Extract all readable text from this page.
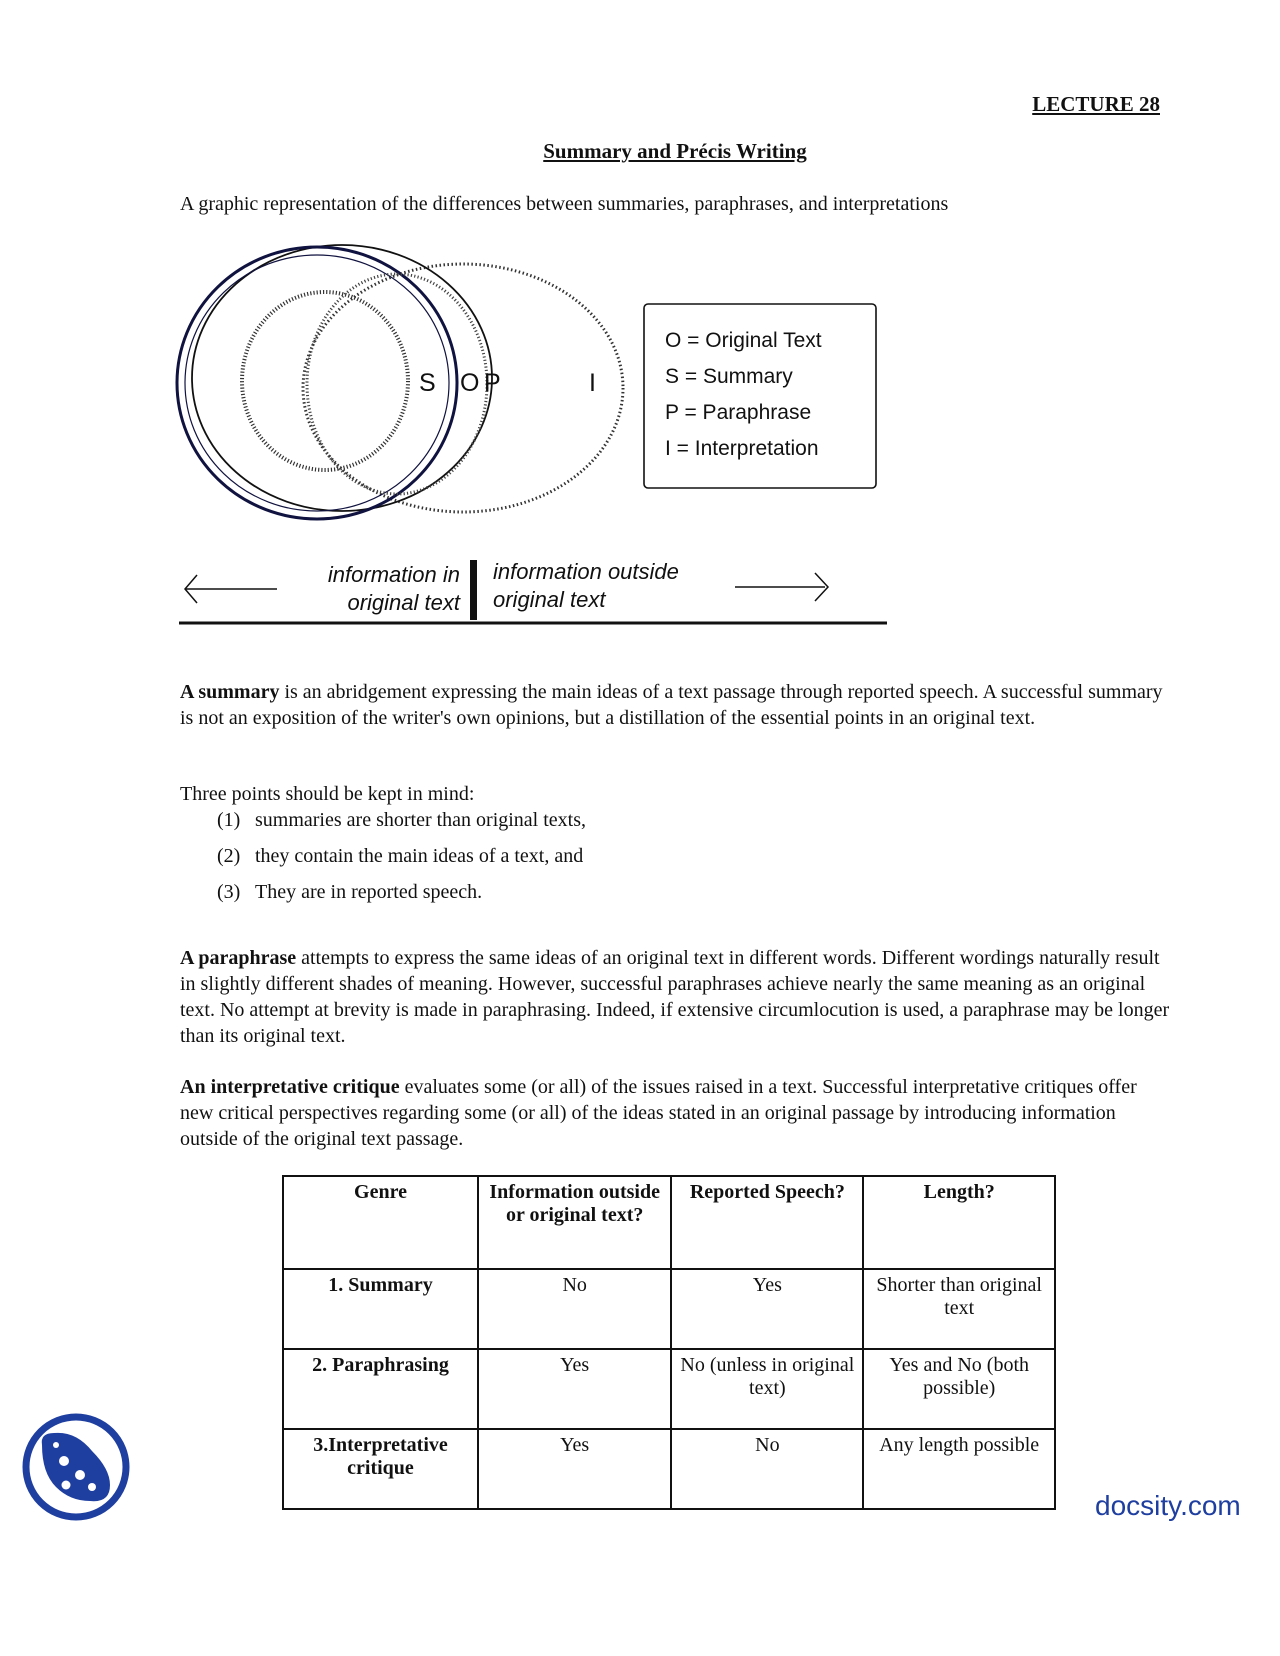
LECTURE 28
Summary and Précis Writing
A graphic representation of the differences between summaries, paraphrases, and interpretations
S O P	I
O = Original Text
S = Summary
P = Paraphrase
I = Interpretation
information in
original text
information outside
original text

A summary is an abridgement expressing the main ideas of a text passage through reported speech. A successful summary is not an exposition of the writer's own opinions, but a distillation of the essential points in an original text.

Three points should be kept in mind:
(1) summaries are shorter than original texts,
(2) they contain the main ideas of a text, and
(3) They are in reported speech.

A paraphrase attempts to express the same ideas of an original text in different words. Different wordings naturally result in slightly different shades of meaning. However, successful paraphrases achieve nearly the same meaning as an original text. No attempt at brevity is made in paraphrasing. Indeed, if extensive circumlocution is used, a paraphrase may be longer than its original text.

An interpretative critique evaluates some (or all) of the issues raised in a text. Successful interpretative critiques offer new critical perspectives regarding some (or all) of the ideas stated in an original passage by introducing information outside of the original text passage.

Genre	Information outside or original text?	Reported Speech?	Length?
1. Summary	No	Yes	Shorter than original text
2. Paraphrasing	Yes	No (unless in original text)	Yes and No (both possible)
3.Interpretative critique	Yes	No	Any length possible
docsity.com
